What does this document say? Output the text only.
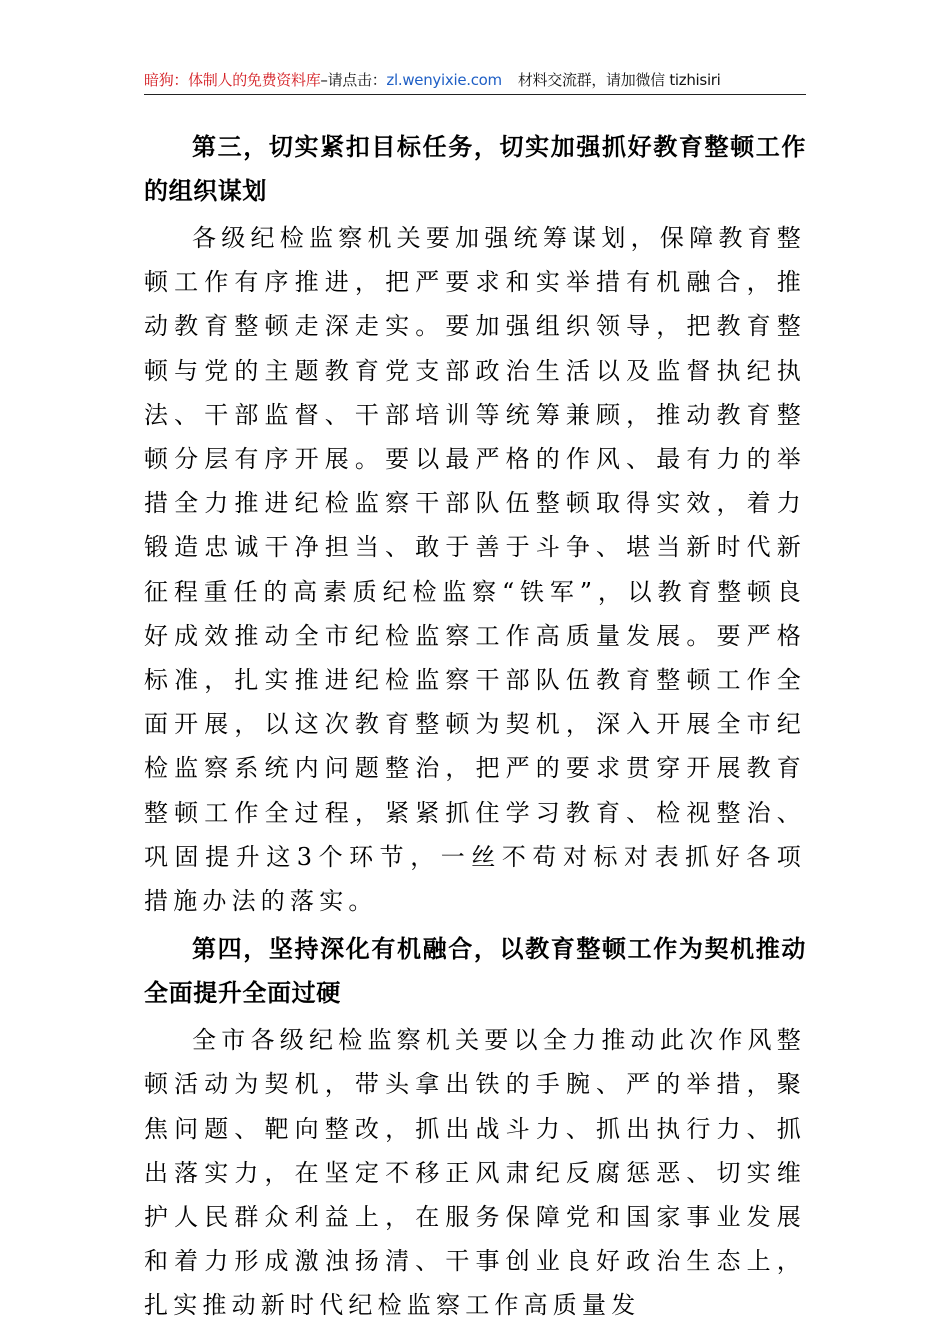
暗狗：体制人的免费资料库–请点击：zl.wenyixie.com 材料交流群，请加微信 tizhisiri
第三，切实紧扣目标任务，切实加强抓好教育整顿工作的组织谋划

各级纪检监察机关要加强统筹谋划，保障教育整顿工作有序推进，把严要求和实举措有机融合，推动教育整顿走深走实。要加强组织领导，把教育整顿与党的主题教育党支部政治生活以及监督执纪执法、干部监督、干部培训等统筹兼顾，推动教育整顿分层有序开展。要以最严格的作风、最有力的举措全力推进纪检监察干部队伍整顿取得实效，着力锻造忠诚干净担当、敢于善于斗争、堪当新时代新征程重任的高素质纪检监察“铁军”，以教育整顿良好成效推动全市纪检监察工作高质量发展。要严格标准，扎实推进纪检监察干部队伍教育整顿工作全面开展，以这次教育整顿为契机，深入开展全市纪检监察系统内问题整治，把严的要求贯穿开展教育整顿工作全过程，紧紧抓住学习教育、检视整治、巩固提升这3个环节，一丝不苟对标对表抓好各项措施办法的落实。

第四，坚持深化有机融合，以教育整顿工作为契机推动全面提升全面过硬

全市各级纪检监察机关要以全力推动此次作风整顿活动为契机，带头拿出铁的手腕、严的举措，聚焦问题、靶向整改，抓出战斗力、抓出执行力、抓出落实力，在坚定不移正风肃纪反腐惩恶、切实维护人民群众利益上，在服务保障党和国家事业发展和着力形成激浊扬清、干事创业良好政治生态上，扎实推动新时代纪检监察工作高质量发
